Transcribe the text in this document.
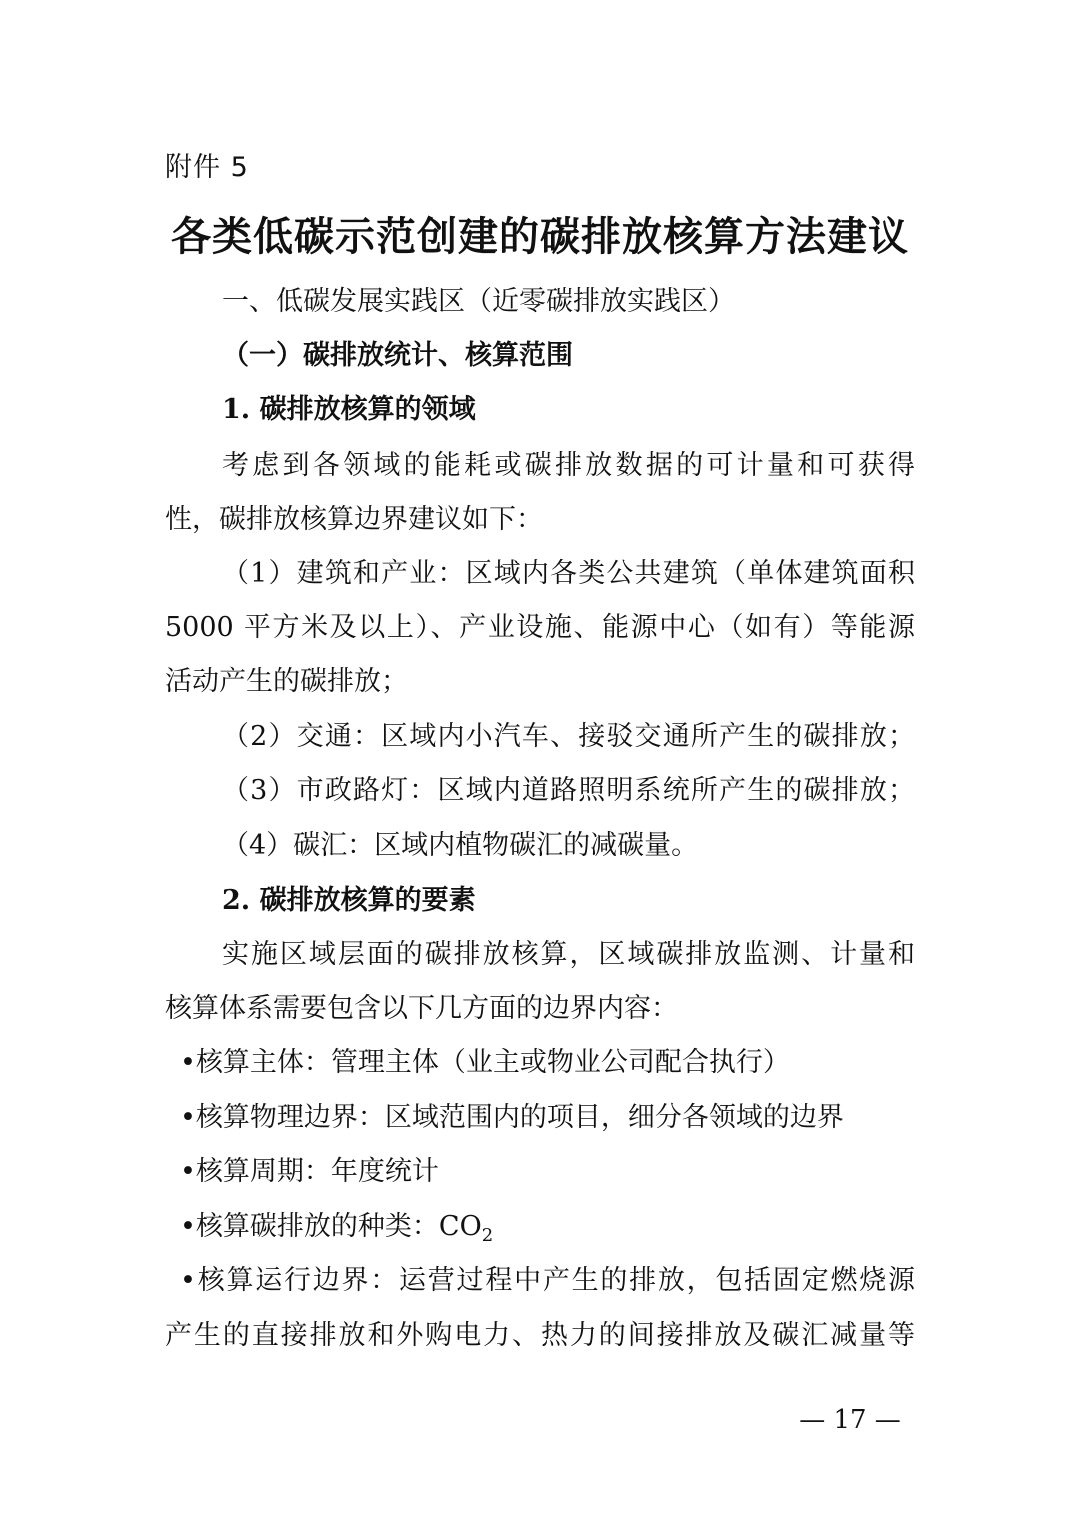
附件 5
各类低碳示范创建的碳排放核算方法建议
一、低碳发展实践区（近零碳排放实践区）
（一）碳排放统计、核算范围
1. 碳排放核算的领域
考虑到各领域的能耗或碳排放数据的可计量和可获得
性，碳排放核算边界建议如下：
（1）建筑和产业：区域内各类公共建筑（单体建筑面积
5000 平方米及以上）、产业设施、能源中心（如有）等能源
活动产生的碳排放；
（2）交通：区域内小汽车、接驳交通所产生的碳排放；
（3）市政路灯：区域内道路照明系统所产生的碳排放；
（4）碳汇：区域内植物碳汇的减碳量。
2. 碳排放核算的要素
实施区域层面的碳排放核算，区域碳排放监测、计量和
核算体系需要包含以下几方面的边界内容：
•核算主体：管理主体（业主或物业公司配合执行）
•核算物理边界：区域范围内的项目，细分各领域的边界
•核算周期：年度统计
•核算碳排放的种类：$CO_2$
•核算运行边界：运营过程中产生的排放，包括固定燃烧源
产生的直接排放和外购电力、热力的间接排放及碳汇减量等
— 17 —
